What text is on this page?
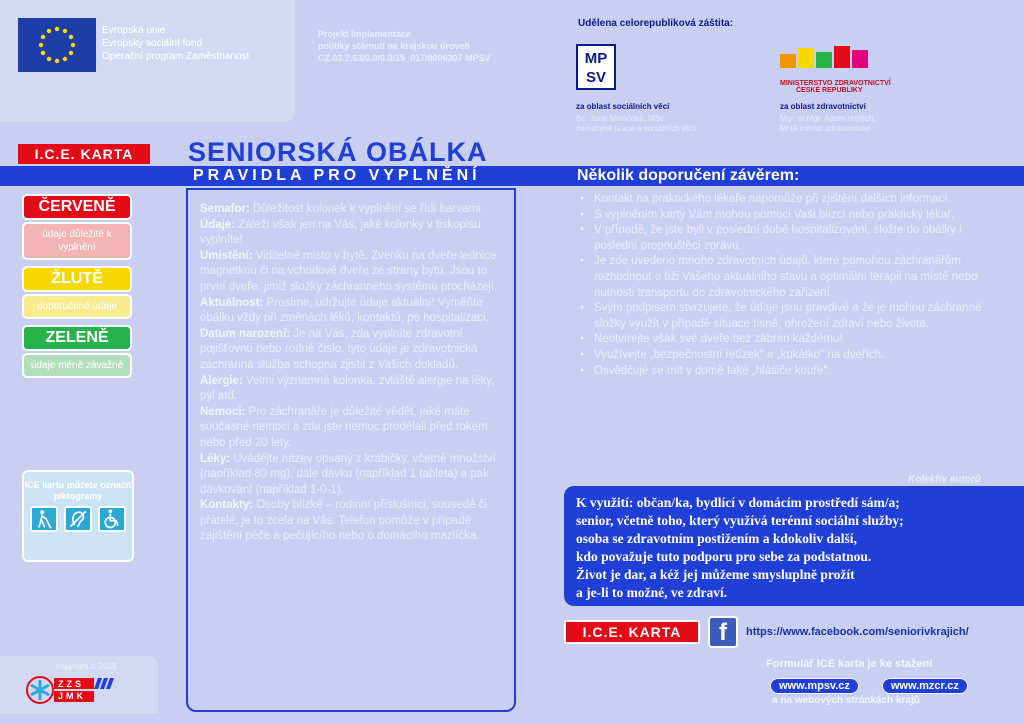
Evropská unie
Evropský sociální fond
Operační program Zaměstnanost
Projekt Implementace
politiky stárnutí na krajskou úroveň
CZ.03.2.63/0.0/0.0/15_017/0006307 MPSV
Udělena celorepubliková záštita:
MP SV
za oblast sociálních věcí
Bc. Jana Maláčová, MSc.
ministryně práce a sociálních věcí
MINISTERSTVO ZDRAVOTNICTVÍ
ČESKÉ REPUBLIKY
za oblast zdravotnictví
Mgr. et Mgr. Adam Vojtěch,
MHA ministr zdravotnictví
I.C.E. KARTA	SENIORSKÁ OBÁLKA
PRAVIDLA PRO VYPLNĚNÍ	Několik doporučení závěrem:
ČERVENĚ
údaje důležité k vyplnění
ŽLUTĚ
doporučené údaje
ZELENĚ
údaje méně závažné
ICE kartu můžete označit piktogramy

copyright © 2019
ZZS JMK
Semafor: Důležitost kolonek k vyplnění se řídí barvami.
Údaje: Záleží však jen na Vás, jaké kolonky v tiskopisu vyplníte!
Umístění: Viditelné místo v bytě. Zvenku na dveře lednice magnetkou či na vchodové dveře ze strany bytu. Jsou to první dveře, jimiž složky záchranného systému procházejí.
Aktuálnost: Prosíme, udržujte údaje aktuální! Vyměňte obálku vždy při změnách léků, kontaktů, po hospitalizaci.
Datum narození: Je na Vás, zda vyplníte zdravotní pojišťovnu nebo rodné číslo, tyto údaje je zdravotnická záchranná služba schopna zjistit z Vašich dokladů.
Alergie: Velmi významná kolonka, zvláště alergie na léky, pyl atd.
Nemoci: Pro záchranáře je důležité vědět, jaké máte současné nemoci a zda jste nemoc prodělali před rokem nebo před 20 lety.
Léky: Uvádějte název opsaný z krabičky, včetně množství (například 80 mg), dále dávku (například 1 tableta) a pak dávkování (například 1-0-1).
Kontakty: Osoby blízké – rodinní příslušníci, sousedé či přátelé, je to zcela na Vás. Telefon pomůže v případě zajištění péče a pečujícího nebo o domácího mazlíčka.
• Kontakt na praktického lékaře napomůže při zjištění dalších informací.
• S vyplněním karty Vám mohou pomoci Vaši blízcí nebo praktický lékař.
• V případě, že jste byli v poslední době hospitalizováni, složte do obálky i poslední propouštěcí zprávu.
• Je zde uvedeno mnoho zdravotních údajů, které pomohou záchranářům rozhodnout o tíži Vašeho aktuálního stavu a optimální terapii na místě nebo nutnosti transportu do zdravotnického zařízení.
• Svým podpisem stvrzujete, že údaje jsou pravdivé a že je mohou záchranné složky využít v případě situace tísně, ohrožení zdraví nebo života.
• Neotvírejte však své dveře bez zábran každému!
• Využívejte „bezpečnostní řetízek" a „kukátko" na dveřích.
• Osvědčuje se mít v domě také „hlásiče kouře".
Kolektiv autorů
K využití: občan/ka, bydlící v domácím prostředí sám/a;
senior, včetně toho, který využívá terénní sociální služby;
osoba se zdravotním postižením a kdokoliv další,
kdo považuje tuto podporu pro sebe za podstatnou.
Život je dar, a kéž jej můžeme smysluplně prožít
a je-li to možné, ve zdraví.
I.C.E. KARTA	f	https://www.facebook.com/seniorivkrajich/
Formulář ICE karta je ke stažení
www.mpsv.cz	www.mzcr.cz
a na webových stránkách krajů
